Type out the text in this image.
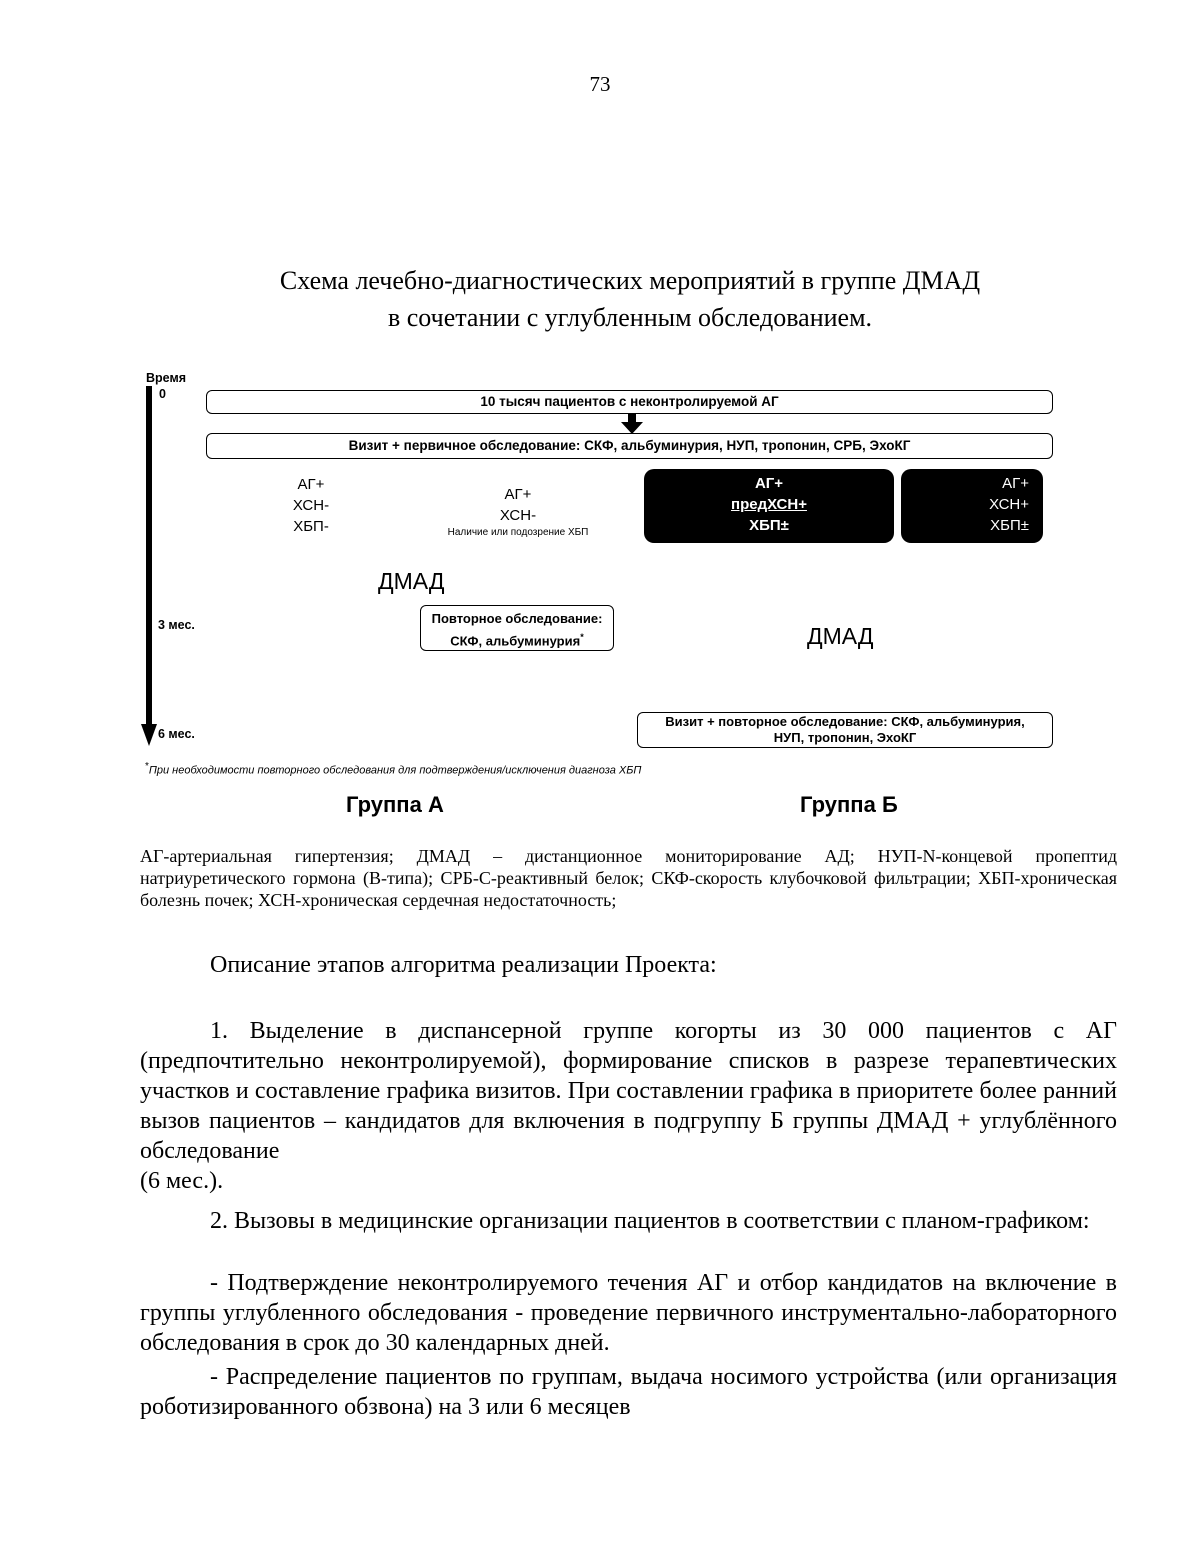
73
Схема лечебно-диагностических мероприятий в группе ДМАД
в сочетании с углубленным обследованием.
Время
0
3 мес.
6 мес.
10 тысяч пациентов с неконтролируемой АГ
Визит + первичное обследование: СКФ, альбуминурия, НУП, тропонин, СРБ, ЭхоКГ
АГ+
ХСН-
ХБП-
АГ+
ХСН-
Наличие или подозрение ХБП
АГ+
предХСН+
ХБП±
АГ+
ХСН+
ХБП±
ДМАД
Повторное обследование:
СКФ, альбуминурия*	ДМАД
Визит + повторное обследование: СКФ, альбуминурия,
НУП, тропонин, ЭхоКГ
*При необходимости повторного обследования для подтверждения/исключения диагноза ХБП
Группа А	Группа Б
АГ-артериальная гипертензия; ДМАД – дистанционное мониторирование АД; НУП-N-концевой пропептид натриуретического гормона (B-типа); СРБ-С-реактивный белок; СКФ-скорость клубочковой фильтрации; ХБП-хроническая болезнь почек; ХСН-хроническая сердечная недостаточность;
Описание этапов алгоритма реализации Проекта:
1. Выделение в диспансерной группе когорты из 30 000 пациентов с АГ (предпочтительно неконтролируемой), формирование списков в разрезе терапевтических участков и составление графика визитов. При составлении графика в приоритете более ранний вызов пациентов – кандидатов для включения в подгруппу Б группы ДМАД + углублённого обследование
(6 мес.).
2. Вызовы в медицинские организации пациентов в соответствии с планом-графиком:
- Подтверждение неконтролируемого течения АГ и отбор кандидатов на включение в группы углубленного обследования - проведение первичного инструментально-лабораторного обследования в срок до 30 календарных дней.
- Распределение пациентов по группам, выдача носимого устройства (или организация роботизированного обзвона) на 3 или 6 месяцев
